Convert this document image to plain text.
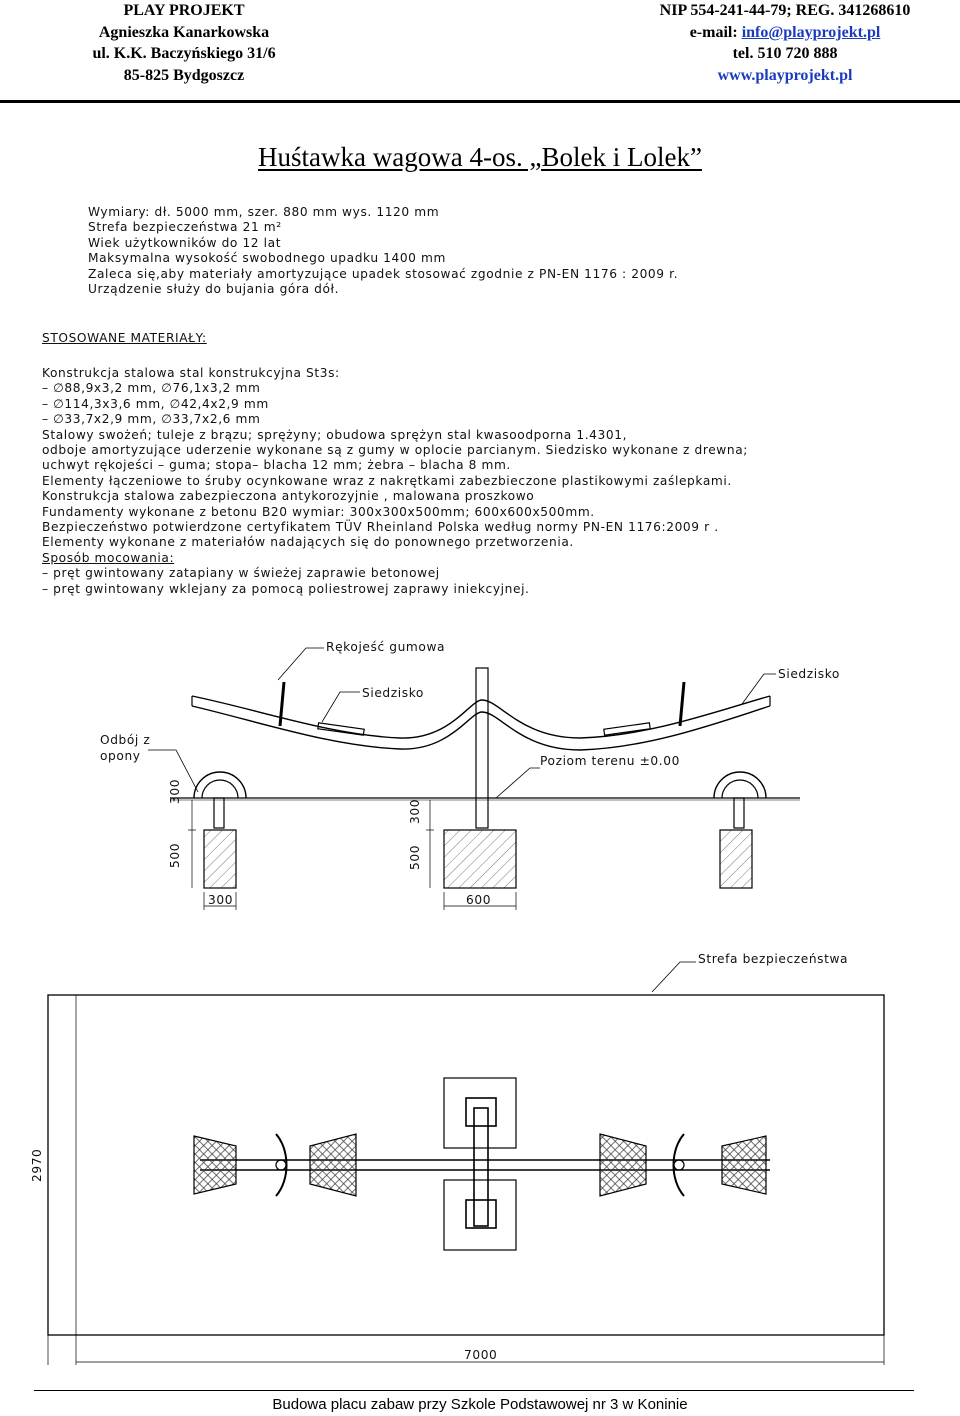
PLAY PROJEKT
Agnieszka Kanarkowska
ul. K.K. Baczyńskiego 31/6
85-825 Bydgoszcz
NIP 554-241-44-79; REG. 341268610
e-mail: info@playprojekt.pl
tel. 510 720 888
www.playprojekt.pl
Huśtawka wagowa 4-os. „Bolek i Lolek”
Wymiary: dł. 5000 mm, szer. 880 mm wys. 1120 mm
Strefa bezpieczeństwa 21 m²
Wiek użytkowników do 12 lat
Maksymalna wysokość swobodnego upadku 1400 mm
Zaleca się,aby materiały amortyzujące upadek stosować zgodnie z PN-EN 1176 : 2009 r.
Urządzenie służy do bujania góra dół.
STOSOWANE MATERIAŁY:
Konstrukcja stalowa stal konstrukcyjna St3s:
– ∅88,9x3,2 mm, ∅76,1x3,2 mm
– ∅114,3x3,6 mm, ∅42,4x2,9 mm
– ∅33,7x2,9 mm, ∅33,7x2,6 mm
Stalowy swożeń; tuleje z brązu; sprężyny; obudowa sprężyn stal kwasoodporna 1.4301,
odboje amortyzujące uderzenie wykonane są z gumy w oplocie parcianym. Siedzisko wykonane z drewna;
uchwyt rękojeści – guma; stopa– blacha 12 mm; żebra – blacha 8 mm.
Elementy łączeniowe to śruby ocynkowane wraz z nakrętkami zabezbieczone plastikowymi zaślepkami.
Konstrukcja stalowa zabezpieczona antykorozyjnie , malowana proszkowo
Fundamenty wykonane z betonu B20 wymiar: 300x300x500mm; 600x600x500mm.
Bezpieczeństwo potwierdzone certyfikatem TÜV Rheinland Polska według normy PN-EN 1176:2009 r .
Elementy wykonane z materiałów nadających się do ponownego przetworzenia.
Sposób mocowania:
– pręt gwintowany zatapiany w świeżej zaprawie betonowej
– pręt gwintowany wklejany za pomocą poliestrowej zaprawy iniekcyjnej.
Rękojeść gumowa
Siedzisko
Siedzisko
Odbój z
opony	Poziom terenu ±0.00
300
500
300
500
300	600
Strefa bezpieczeństwa
7000
2970
Budowa placu zabaw przy Szkole Podstawowej nr 3 w Koninie
